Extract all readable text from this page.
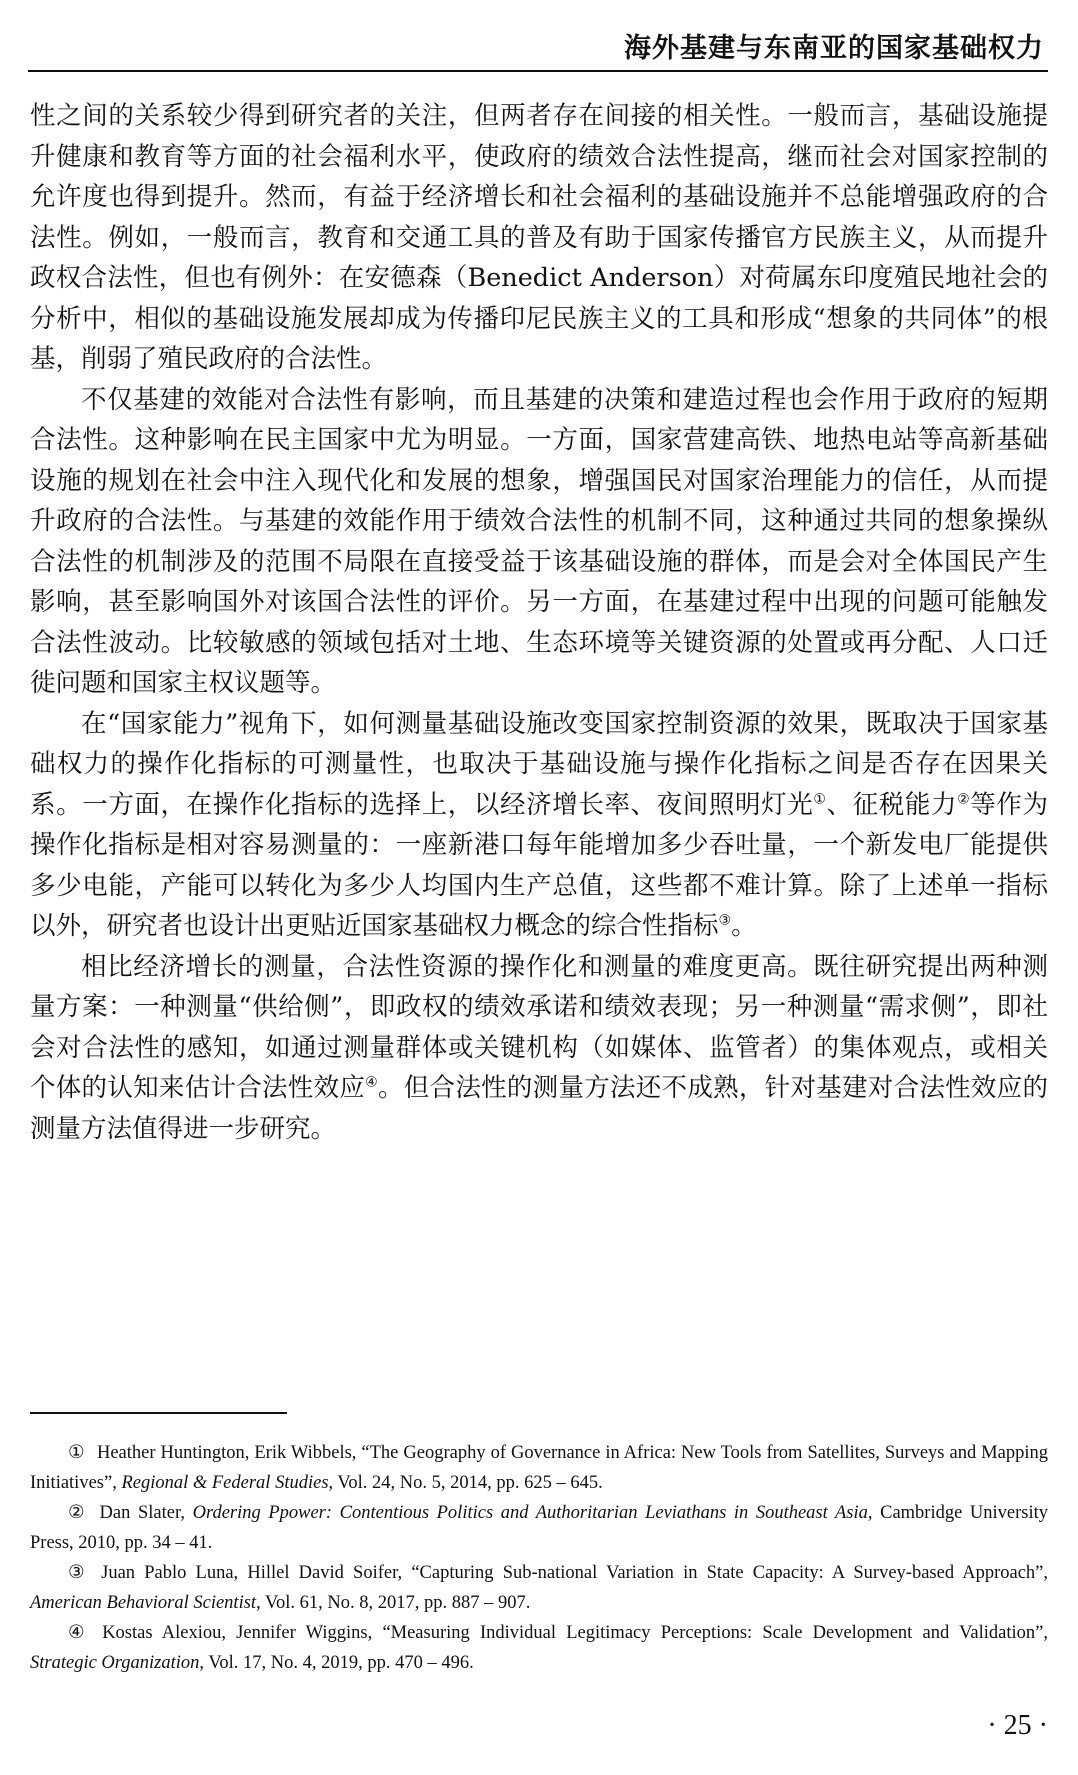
海外基建与东南亚的国家基础权力

性之间的关系较少得到研究者的关注，但两者存在间接的相关性。一般而言，基础设施提升健康和教育等方面的社会福利水平，使政府的绩效合法性提高，继而社会对国家控制的允许度也得到提升。然而，有益于经济增长和社会福利的基础设施并不总能增强政府的合法性。例如，一般而言，教育和交通工具的普及有助于国家传播官方民族主义，从而提升政权合法性，但也有例外：在安德森（Benedict Anderson）对荷属东印度殖民地社会的分析中，相似的基础设施发展却成为传播印尼民族主义的工具和形成“想象的共同体”的根基，削弱了殖民政府的合法性。

不仅基建的效能对合法性有影响，而且基建的决策和建造过程也会作用于政府的短期合法性。这种影响在民主国家中尤为明显。一方面，国家营建高铁、地热电站等高新基础设施的规划在社会中注入现代化和发展的想象，增强国民对国家治理能力的信任，从而提升政府的合法性。与基建的效能作用于绩效合法性的机制不同，这种通过共同的想象操纵合法性的机制涉及的范围不局限在直接受益于该基础设施的群体，而是会对全体国民产生影响，甚至影响国外对该国合法性的评价。另一方面，在基建过程中出现的问题可能触发合法性波动。比较敏感的领域包括对土地、生态环境等关键资源的处置或再分配、人口迁徙问题和国家主权议题等。

在“国家能力”视角下，如何测量基础设施改变国家控制资源的效果，既取决于国家基础权力的操作化指标的可测量性，也取决于基础设施与操作化指标之间是否存在因果关系。一方面，在操作化指标的选择上，以经济增长率、夜间照明灯光①、征税能力②等作为操作化指标是相对容易测量的：一座新港口每年能增加多少吞吐量，一个新发电厂能提供多少电能，产能可以转化为多少人均国内生产总值，这些都不难计算。除了上述单一指标以外，研究者也设计出更贴近国家基础权力概念的综合性指标③。

相比经济增长的测量，合法性资源的操作化和测量的难度更高。既往研究提出两种测量方案：一种测量“供给侧”，即政权的绩效承诺和绩效表现；另一种测量“需求侧”，即社会对合法性的感知，如通过测量群体或关键机构（如媒体、监管者）的集体观点，或相关个体的认知来估计合法性效应④。但合法性的测量方法还不成熟，针对基建对合法性效应的测量方法值得进一步研究。

① Heather Huntington, Erik Wibbels, “The Geography of Governance in Africa: New Tools from Satellites, Surveys and Mapping Initiatives”, Regional & Federal Studies, Vol. 24, No. 5, 2014, pp. 625 – 645.

② Dan Slater, Ordering Ppower: Contentious Politics and Authoritarian Leviathans in Southeast Asia, Cambridge University Press, 2010, pp. 34 – 41.

③ Juan Pablo Luna, Hillel David Soifer, “Capturing Sub-national Variation in State Capacity: A Survey-based Approach”, American Behavioral Scientist, Vol. 61, No. 8, 2017, pp. 887 – 907.

④ Kostas Alexiou, Jennifer Wiggins, “Measuring Individual Legitimacy Perceptions: Scale Development and Validation”, Strategic Organization, Vol. 17, No. 4, 2019, pp. 470 – 496.

· 25 ·
